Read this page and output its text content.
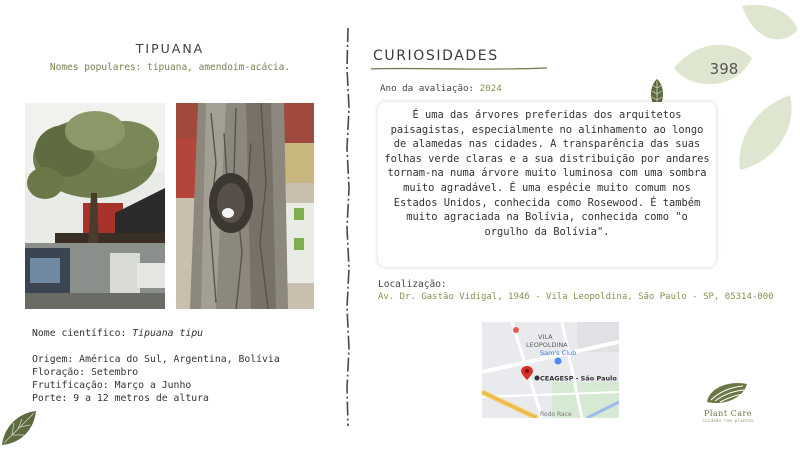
TIPUANA
Nomes populares: tipuana, amendoim-acácia.
Nome científico: Tipuana tipu
Origem: América do Sul, Argentina, Bolívia
Floração: Setembro
Frutificação: Março a Junho
Porte: 9 a 12 metros de altura
CURIOSIDADES
Ano da avaliação: 2024
É uma das árvores preferidas dos arquitetos paisagistas, especialmente no alinhamento ao longo de alamedas nas cidades. A transparência das suas folhas verde claras e a sua distribuição por andares tornam-na numa árvore muito luminosa com uma sombra muito agradável. É uma espécie muito comum nos Estados Unidos, conhecida como Rosewood. É também muito agraciada na Bolívia, conhecida como "o orgulho da Bolívia".
Localização:
Av. Dr. Gastão Vidigal, 1946 - Vila Leopoldina, São Paulo - SP, 05314-000
VILA
LEOPOLDINA
Sam's Club
CEAGESP - São Paulo
Rodo Race
398
Plant Care
cuidado com plantas
